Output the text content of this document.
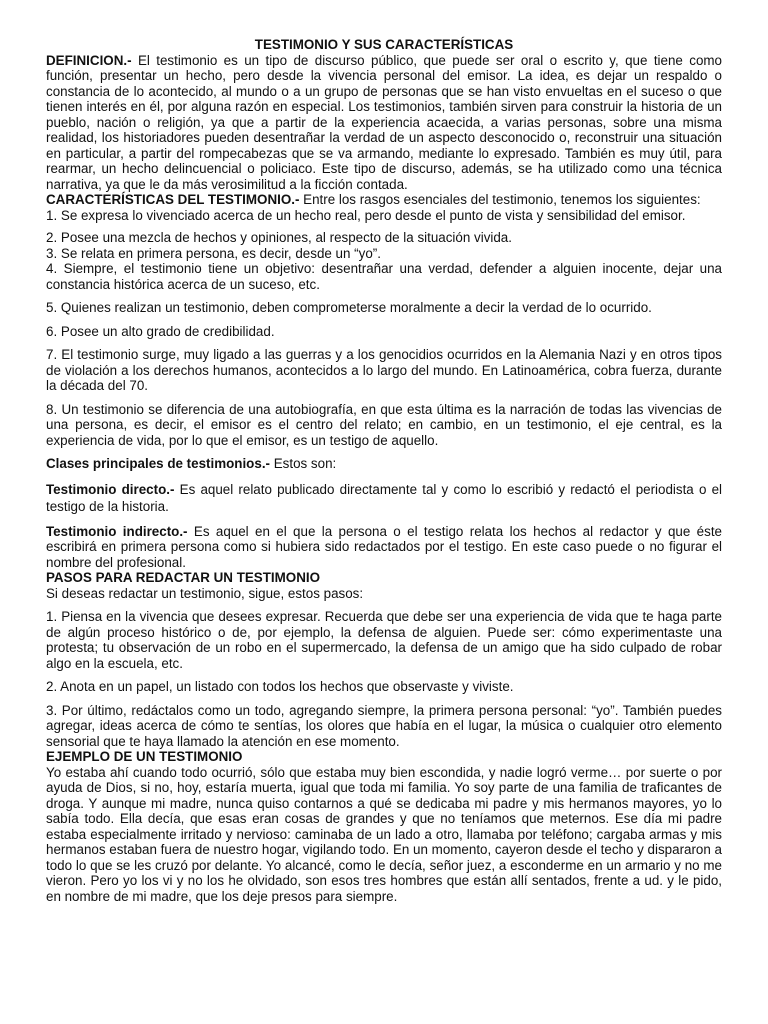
TESTIMONIO Y SUS CARACTERÍSTICAS

DEFINICION.- El testimonio es un tipo de discurso público, que puede ser oral o escrito y, que tiene como función, presentar un hecho, pero desde la vivencia personal del emisor. La idea, es dejar un respaldo o constancia de lo acontecido, al mundo o a un grupo de personas que se han visto envueltas en el suceso o que tienen interés en él, por alguna razón en especial. Los testimonios, también sirven para construir la historia de un pueblo, nación o religión, ya que a partir de la experiencia acaecida, a varias personas, sobre una misma realidad, los historiadores pueden desentrañar la verdad de un aspecto desconocido o, reconstruir una situación en particular, a partir del rompecabezas que se va armando, mediante lo expresado. También es muy útil, para rearmar, un hecho delincuencial o policiaco. Este tipo de discurso, además, se ha utilizado como una técnica narrativa, ya que le da más verosimilitud a la ficción contada.

CARACTERÍSTICAS DEL TESTIMONIO.- Entre los rasgos esenciales del testimonio, tenemos los siguientes:

1. Se expresa lo vivenciado acerca de un hecho real, pero desde el punto de vista y sensibilidad del emisor.

2. Posee una mezcla de hechos y opiniones, al respecto de la situación vivida.

3. Se relata en primera persona, es decir, desde un “yo”.

4. Siempre, el testimonio tiene un objetivo: desentrañar una verdad, defender a alguien inocente, dejar una constancia histórica acerca de un suceso, etc.

5. Quienes realizan un testimonio, deben comprometerse moralmente a decir la verdad de lo ocurrido.

6. Posee un alto grado de credibilidad.

7. El testimonio surge, muy ligado a las guerras y a los genocidios ocurridos en la Alemania Nazi y en otros tipos de violación a los derechos humanos, acontecidos a lo largo del mundo. En Latinoamérica, cobra fuerza, durante la década del 70.

8. Un testimonio se diferencia de una autobiografía, en que esta última es la narración de todas las vivencias de una persona, es decir, el emisor es el centro del relato; en cambio, en un testimonio, el eje central, es la experiencia de vida, por lo que el emisor, es un testigo de aquello.

Clases principales de testimonios.- Estos son:

Testimonio directo.- Es aquel relato publicado directamente tal y como lo escribió y redactó el periodista o el testigo de la historia.

Testimonio indirecto.- Es aquel en el que la persona o el testigo relata los hechos al redactor y que éste escribirá en primera persona como si hubiera sido redactados por el testigo. En este caso puede o no figurar el nombre del profesional.

PASOS PARA REDACTAR UN TESTIMONIO

Si deseas redactar un testimonio, sigue, estos pasos:

1. Piensa en la vivencia que desees expresar. Recuerda que debe ser una experiencia de vida que te haga parte de algún proceso histórico o de, por ejemplo, la defensa de alguien. Puede ser: cómo experimentaste una protesta; tu observación de un robo en el supermercado, la defensa de un amigo que ha sido culpado de robar algo en la escuela, etc.

2. Anota en un papel, un listado con todos los hechos que observaste y viviste.

3. Por último, redáctalos como un todo, agregando siempre, la primera persona personal: “yo”. También puedes agregar, ideas acerca de cómo te sentías, los olores que había en el lugar, la música o cualquier otro elemento sensorial que te haya llamado la atención en ese momento.

EJEMPLO DE UN TESTIMONIO

Yo estaba ahí cuando todo ocurrió, sólo que estaba muy bien escondida, y nadie logró verme… por suerte o por ayuda de Dios, si no, hoy, estaría muerta, igual que toda mi familia. Yo soy parte de una familia de traficantes de droga. Y aunque mi madre, nunca quiso contarnos a qué se dedicaba mi padre y mis hermanos mayores, yo lo sabía todo. Ella decía, que esas eran cosas de grandes y que no teníamos que meternos. Ese día mi padre estaba especialmente irritado y nervioso: caminaba de un lado a otro, llamaba por teléfono; cargaba armas y mis hermanos estaban fuera de nuestro hogar, vigilando todo. En un momento, cayeron desde el techo y dispararon a todo lo que se les cruzó por delante. Yo alcancé, como le decía, señor juez, a esconderme en un armario y no me vieron. Pero yo los vi y no los he olvidado, son esos tres hombres que están allí sentados, frente a ud. y le pido, en nombre de mi madre, que los deje presos para siempre.
